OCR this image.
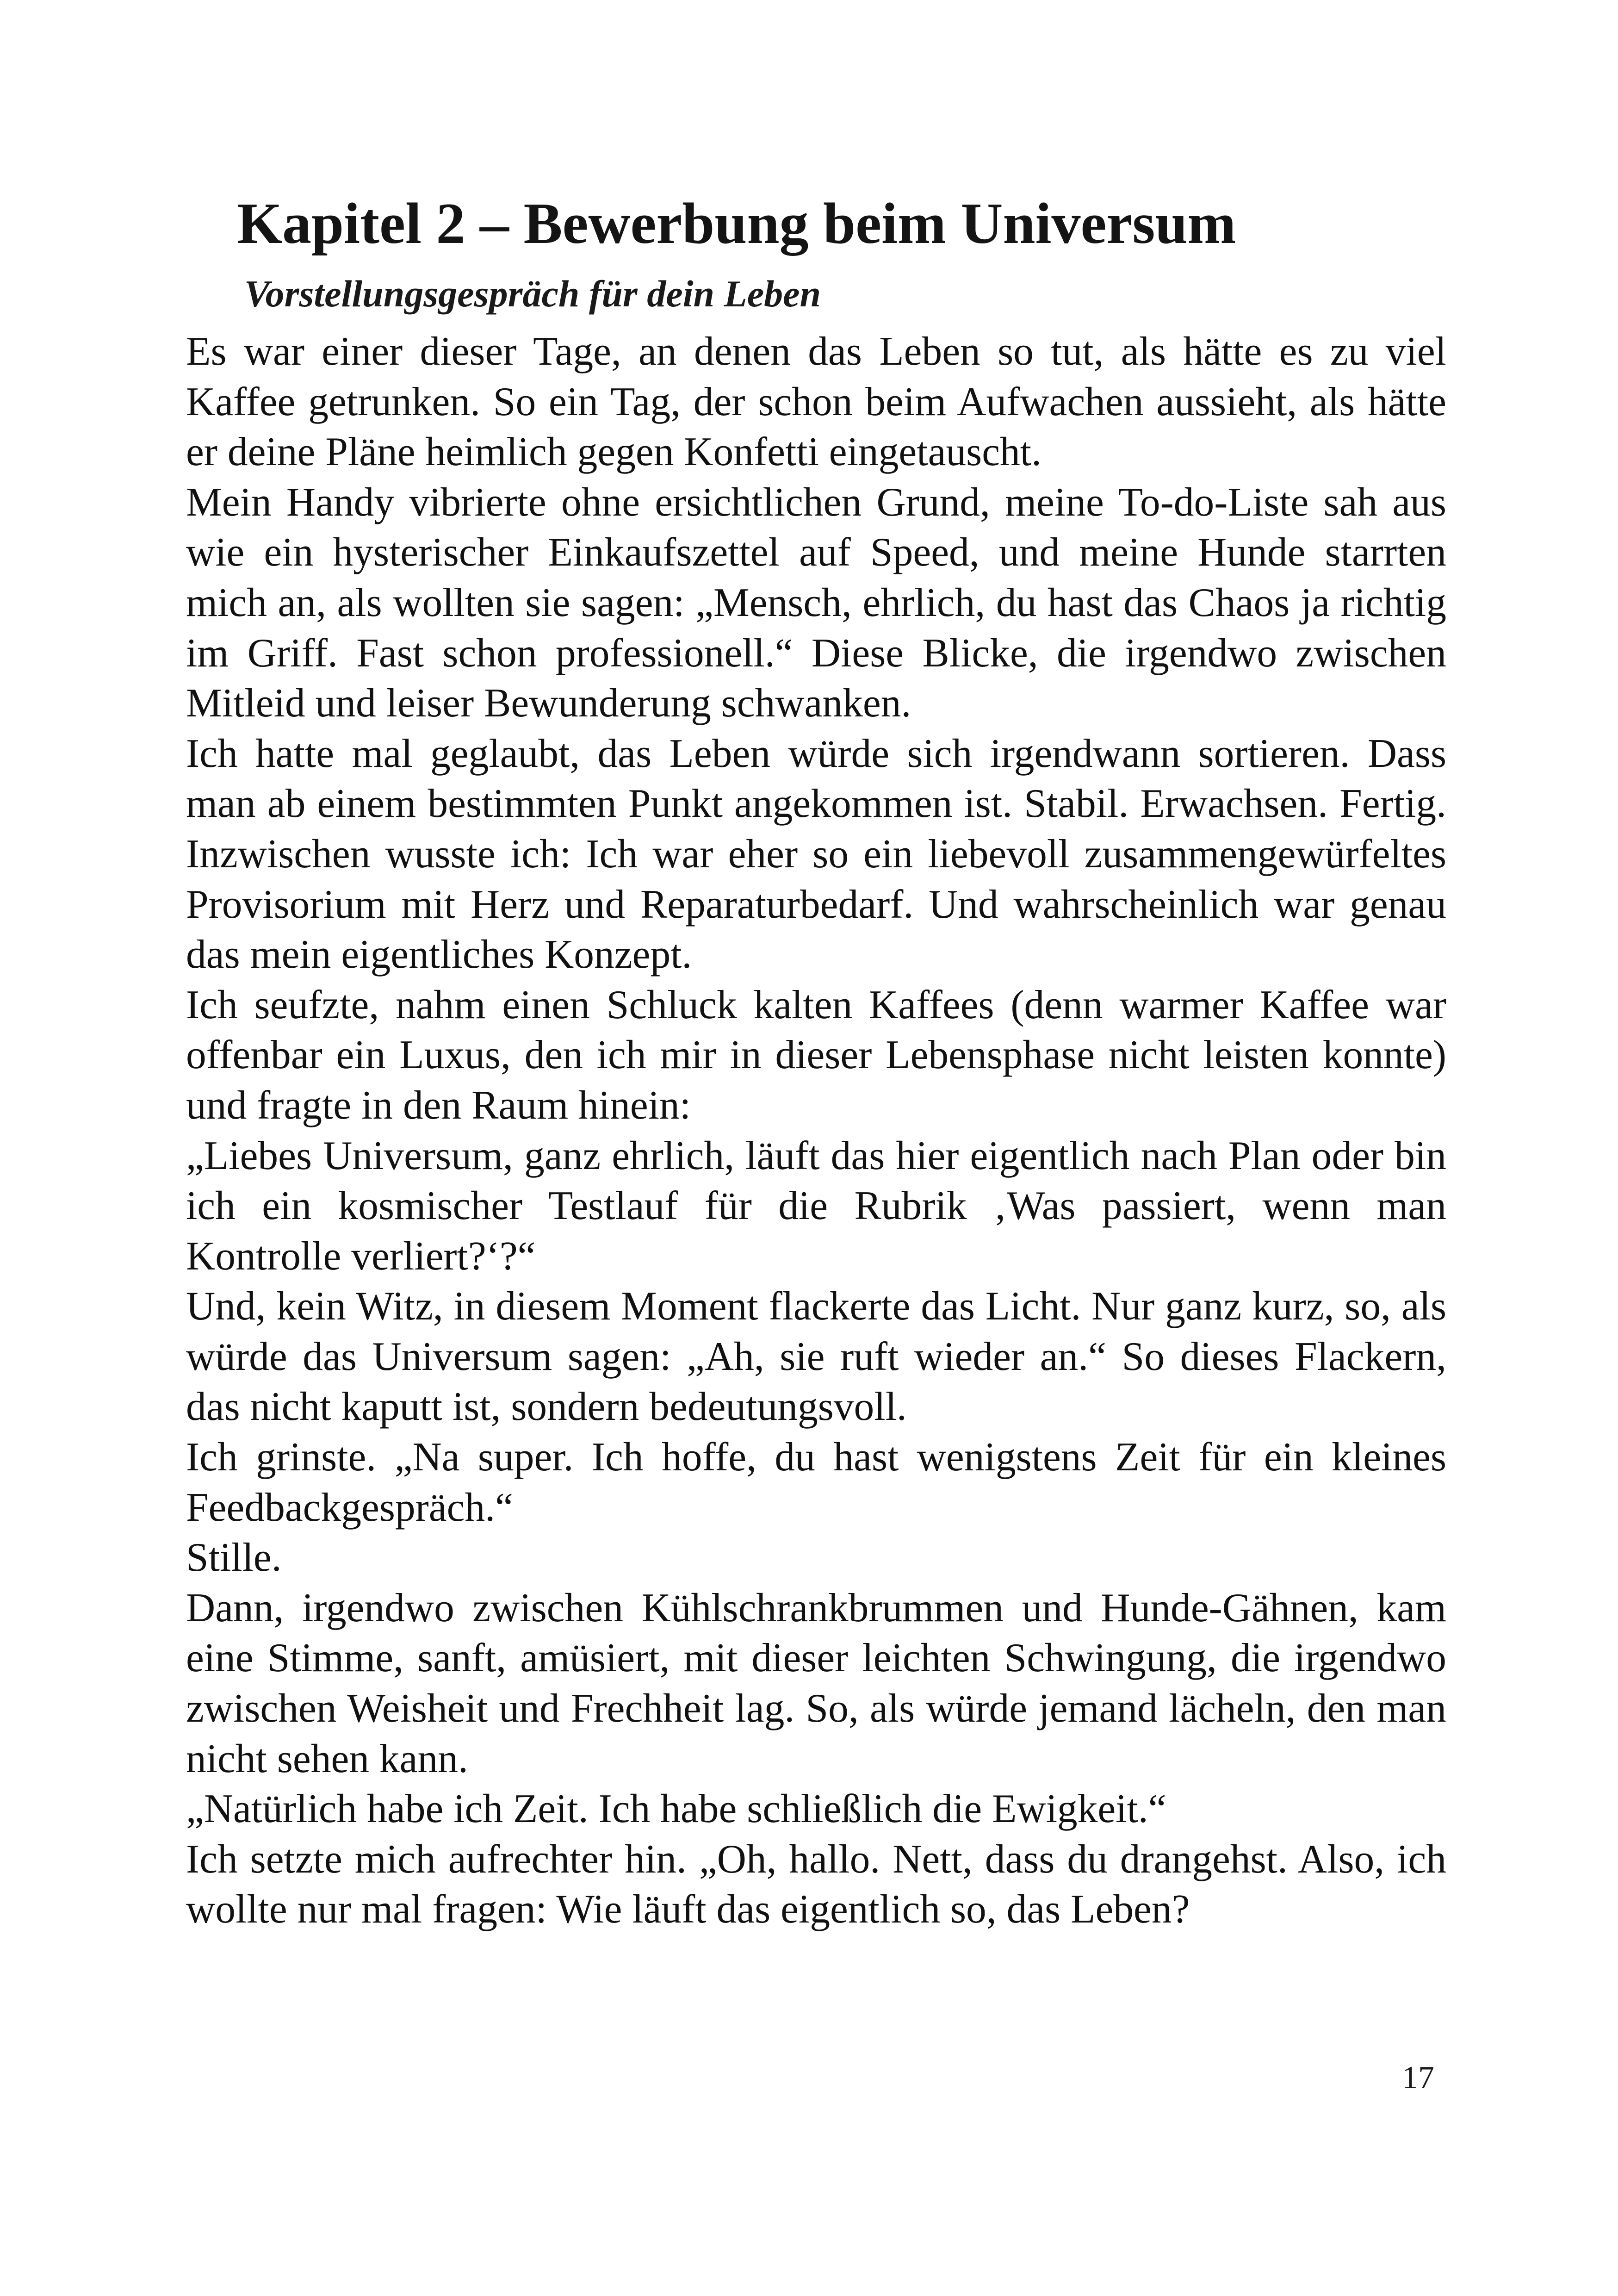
Kapitel 2 – Bewerbung beim Universum
Vorstellungsgespräch für dein Leben

Es war einer dieser Tage, an denen das Leben so tut, als hätte es zu viel Kaffee getrunken. So ein Tag, der schon beim Aufwachen aussieht, als hätte er deine Pläne heimlich gegen Konfetti eingetauscht.

Mein Handy vibrierte ohne ersichtlichen Grund, meine To-do-Liste sah aus wie ein hysterischer Einkaufszettel auf Speed, und meine Hunde starrten mich an, als wollten sie sagen: „Mensch, ehrlich, du hast das Chaos ja richtig im Griff. Fast schon professionell.“ Diese Blicke, die irgendwo zwischen Mitleid und leiser Bewunderung schwanken.

Ich hatte mal geglaubt, das Leben würde sich irgendwann sortieren. Dass man ab einem bestimmten Punkt angekommen ist. Stabil. Erwachsen. Fertig. Inzwischen wusste ich: Ich war eher so ein liebevoll zusammengewürfeltes Provisorium mit Herz und Reparaturbedarf. Und wahrscheinlich war genau das mein eigentliches Konzept.

Ich seufzte, nahm einen Schluck kalten Kaffees (denn warmer Kaffee war offenbar ein Luxus, den ich mir in dieser Lebensphase nicht leisten konnte) und fragte in den Raum hinein:

„Liebes Universum, ganz ehrlich, läuft das hier eigentlich nach Plan oder bin ich ein kosmischer Testlauf für die Rubrik ‚Was passiert, wenn man Kontrolle verliert?‘?“

Und, kein Witz, in diesem Moment flackerte das Licht. Nur ganz kurz, so, als würde das Universum sagen: „Ah, sie ruft wieder an.“ So dieses Flackern, das nicht kaputt ist, sondern bedeutungsvoll.

Ich grinste. „Na super. Ich hoffe, du hast wenigstens Zeit für ein kleines Feedbackgespräch.“

Stille.

Dann, irgendwo zwischen Kühlschrankbrummen und Hunde-Gähnen, kam eine Stimme, sanft, amüsiert, mit dieser leichten Schwingung, die irgendwo zwischen Weisheit und Frechheit lag. So, als würde jemand lächeln, den man nicht sehen kann.

„Natürlich habe ich Zeit. Ich habe schließlich die Ewigkeit.“

Ich setzte mich aufrechter hin. „Oh, hallo. Nett, dass du drangehst. Also, ich wollte nur mal fragen: Wie läuft das eigentlich so, das Leben?

17
